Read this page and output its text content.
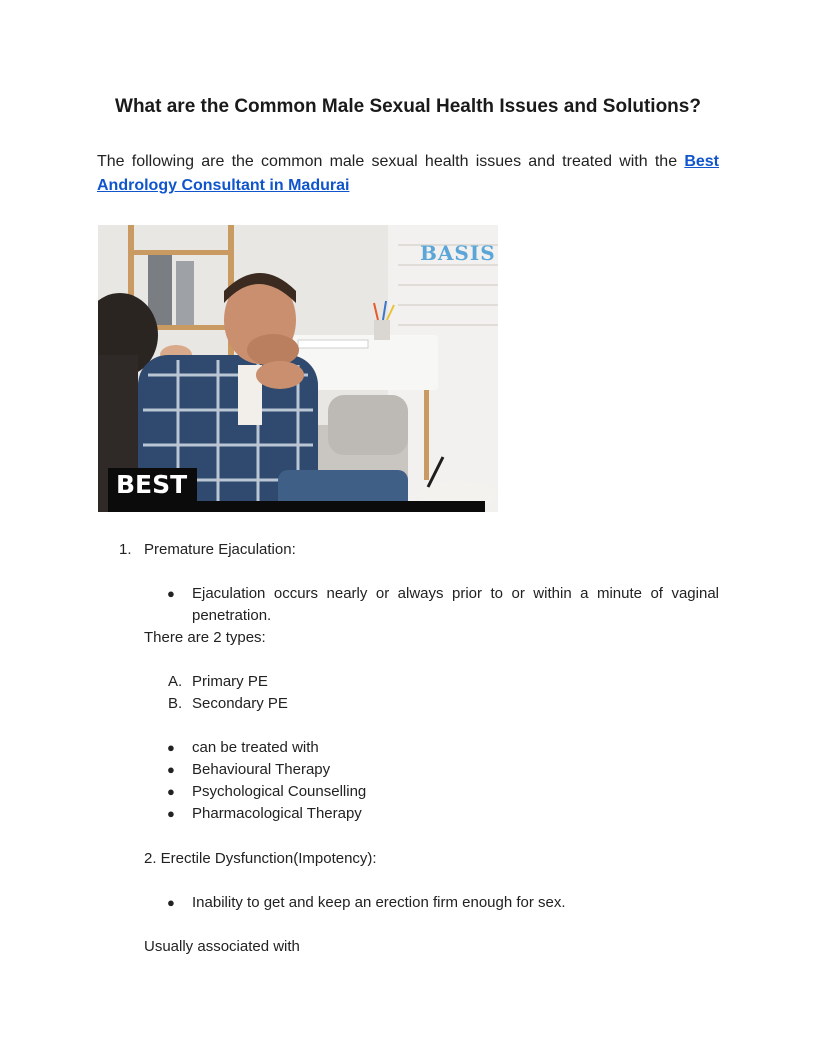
What are the Common Male Sexual Health Issues and Solutions?

The following are the common male sexual health issues and treated with the Best Andrology Consultant in Madurai

BASIS
BEST
1. Premature Ejaculation:

● Ejaculation occurs nearly or always prior to or within a minute of vaginal penetration.

There are 2 types:

A. Primary PE

B. Secondary PE

● can be treated with

● Behavioural Therapy

● Psychological Counselling

● Pharmacological Therapy

2. Erectile Dysfunction(Impotency):

● Inability to get and keep an erection firm enough for sex.

Usually associated with
